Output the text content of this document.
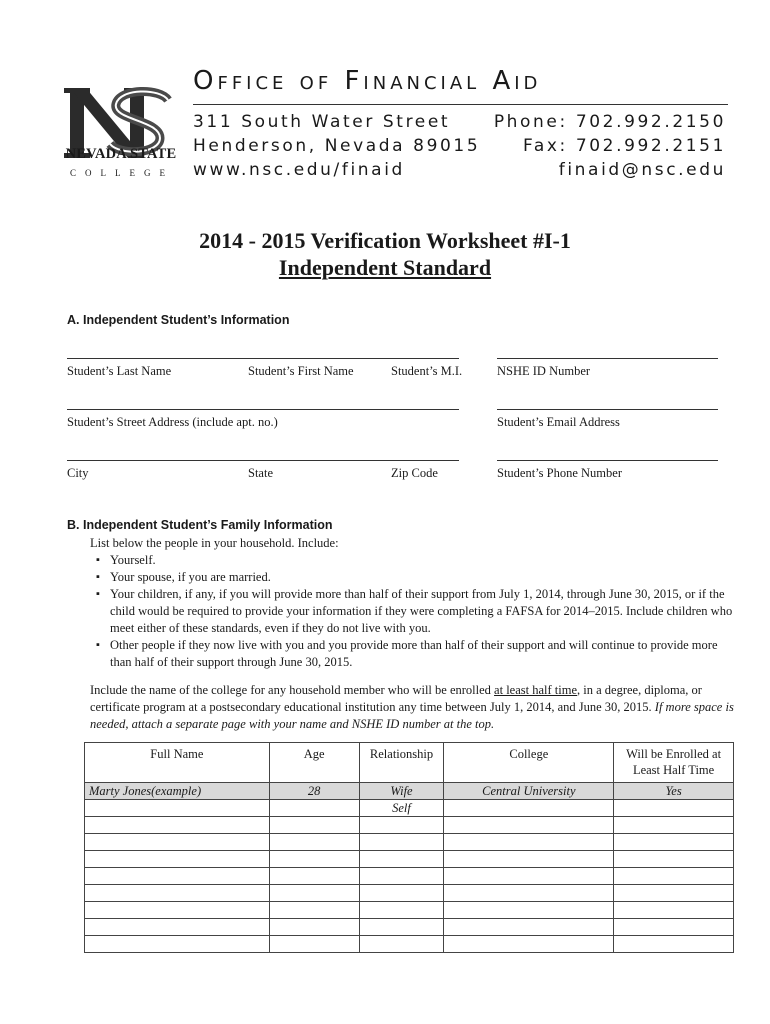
NEVADA STATE
COLLEGE
Office of Financial Aid
311 South Water Street
Henderson, Nevada 89015
www.nsc.edu/finaid
Phone: 702.992.2150
Fax: 702.992.2151
finaid@nsc.edu
2014 - 2015 Verification Worksheet #I-1
Independent Standard
A. Independent Student’s Information
Student’s Last Name	Student’s First Name	Student’s M.I.	NSHE ID Number
Student’s Street Address (include apt. no.)	Student’s Email Address
City	State	Zip Code	Student’s Phone Number
B. Independent Student’s Family Information

List below the people in your household. Include:

▪ Yourself.
▪ Your spouse, if you are married.
▪ Your children, if any, if you will provide more than half of their support from July 1, 2014, through June 30, 2015, or if the child would be required to provide your information if they were completing a FAFSA for 2014–2015. Include children who meet either of these standards, even if they do not live with you.
▪ Other people if they now live with you and you provide more than half of their support and will continue to provide more than half of their support through June 30, 2015.
Include the name of the college for any household member who will be enrolled at least half time, in a degree, diploma, or certificate program at a postsecondary educational institution any time between July 1, 2014, and June 30, 2015. If more space is needed, attach a separate page with your name and NSHE ID number at the top.
Full Name	Age	Relationship	College	Will be Enrolled at
Least Half Time
Marty Jones(example)	28	Wife	Central University	Yes
		Self		
